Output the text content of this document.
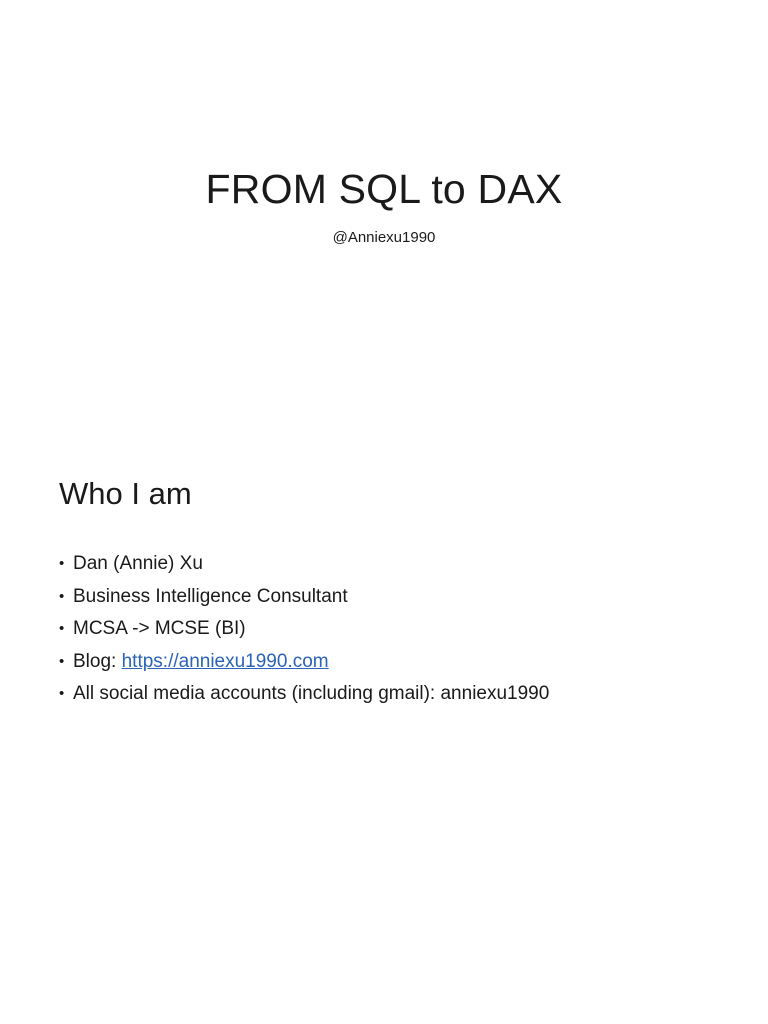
FROM SQL to DAX

@Anniexu1990

Who I am
• Dan (Annie) Xu
• Business Intelligence Consultant
• MCSA -> MCSE (BI)
• Blog: https://anniexu1990.com
• All social media accounts (including gmail): anniexu1990
